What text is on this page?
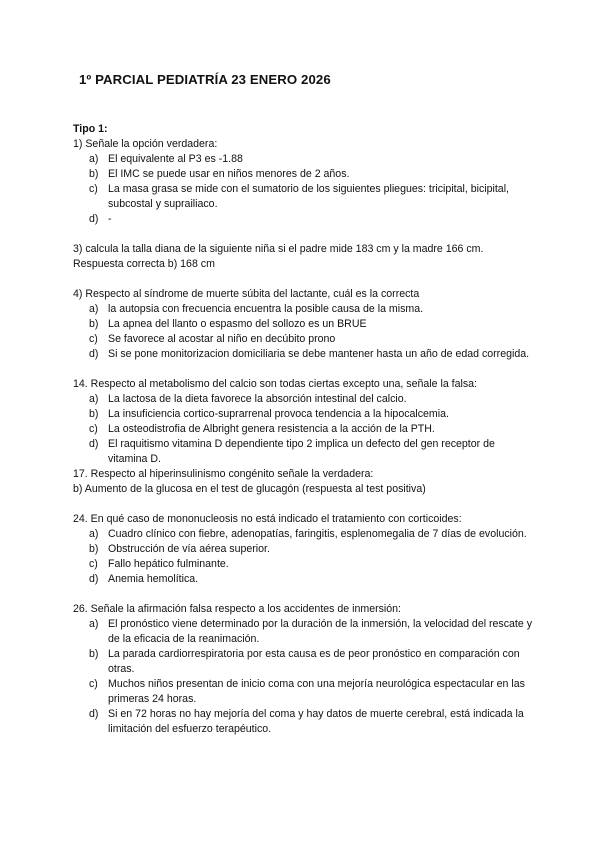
1º PARCIAL PEDIATRÍA 23 ENERO 2026
Tipo 1:
1) Señale la opción verdadera:
a) El equivalente al P3 es -1.88
b) El IMC se puede usar en niños menores de 2 años.
c) La masa grasa se mide con el sumatorio de los siguientes pliegues: tricipital, bicipital, subcostal y suprailiaco.
d) -
3) calcula la talla diana de la siguiente niña si el padre mide 183 cm y la madre 166 cm.
Respuesta correcta b) 168 cm
4) Respecto al síndrome de muerte súbita del lactante, cuál es la correcta
a) la autopsia con frecuencia encuentra la posible causa de la misma.
b) La apnea del llanto o espasmo del sollozo es un BRUE
c) Se favorece al acostar al niño en decúbito prono
d) Si se pone monitorizacion domiciliaria se debe mantener hasta un año de edad corregida.
14. Respecto al metabolismo del calcio son todas ciertas excepto una, señale la falsa:
a) La lactosa de la dieta favorece la absorción intestinal del calcio.
b) La insuficiencia cortico-suprarrenal provoca tendencia a la hipocalcemia.
c) La osteodistrofia de Albright genera resistencia a la acción de la PTH.
d) El raquitismo vitamina D dependiente tipo 2 implica un defecto del gen receptor de vitamina D.
17. Respecto al hiperinsulinismo congénito señale la verdadera:
b) Aumento de la glucosa en el test de glucagón (respuesta al test positiva)
24. En qué caso de mononucleosis no está indicado el tratamiento con corticoides:
a) Cuadro clínico con fiebre, adenopatías, faringitis, esplenomegalia de 7 días de evolución.
b) Obstrucción de vía aérea superior.
c) Fallo hepático fulminante.
d) Anemia hemolítica.
26. Señale la afirmación falsa respecto a los accidentes de inmersión:
a) El pronóstico viene determinado por la duración de la inmersión, la velocidad del rescate y de la eficacia de la reanimación.
b) La parada cardiorrespiratoria por esta causa es de peor pronóstico en comparación con otras.
c) Muchos niños presentan de inicio coma con una mejoría neurológica espectacular en las primeras 24 horas.
d) Si en 72 horas no hay mejoría del coma y hay datos de muerte cerebral, está indicada la limitación del esfuerzo terapéutico.
